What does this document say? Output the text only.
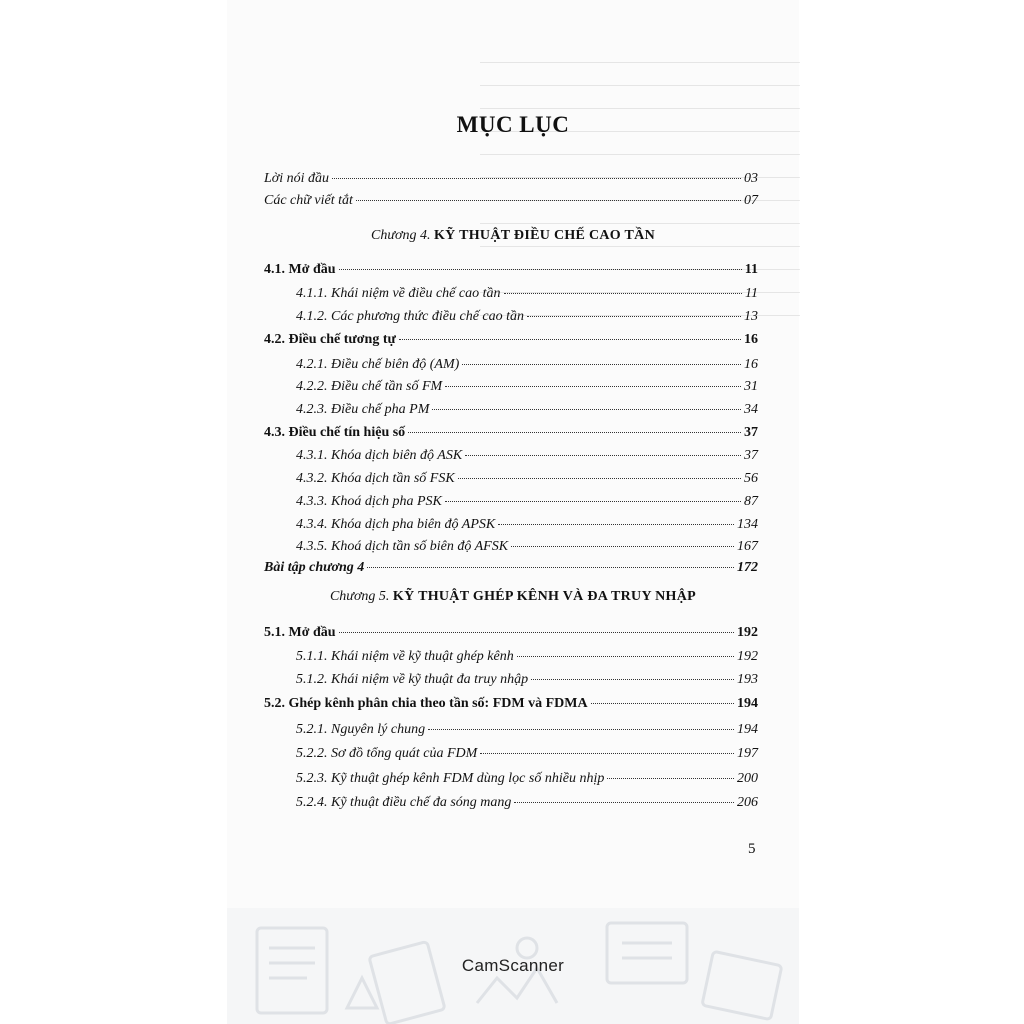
MỤC LỤC
Lời nói đầu	03
Các chữ viết tắt	07
Chương 4. KỸ THUẬT ĐIỀU CHẾ CAO TẦN
4.1. Mở đầu	11
4.1.1. Khái niệm về điều chế cao tần	11
4.1.2. Các phương thức điều chế cao tần	13
4.2. Điều chế tương tự	16
4.2.1. Điều chế biên độ (AM)	16
4.2.2. Điều chế tần số FM	31
4.2.3. Điều chế pha PM	34
4.3. Điều chế tín hiệu số	37
4.3.1. Khóa dịch biên độ ASK	37
4.3.2. Khóa dịch tần số FSK	56
4.3.3. Khoá dịch pha PSK	87
4.3.4. Khóa dịch pha biên độ APSK	134
4.3.5. Khoá dịch tần số biên độ AFSK	167
Bài tập chương 4	172
Chương 5. KỸ THUẬT GHÉP KÊNH VÀ ĐA TRUY NHẬP
5.1. Mở đầu	192
5.1.1. Khái niệm về kỹ thuật ghép kênh	192
5.1.2. Khái niệm về kỹ thuật đa truy nhập	193
5.2. Ghép kênh phân chia theo tần số: FDM và FDMA	194
5.2.1. Nguyên lý chung	194
5.2.2. Sơ đồ tổng quát của FDM	197
5.2.3. Kỹ thuật ghép kênh FDM dùng lọc số nhiều nhịp	200
5.2.4. Kỹ thuật điều chế đa sóng mang	206
5
CamScanner
